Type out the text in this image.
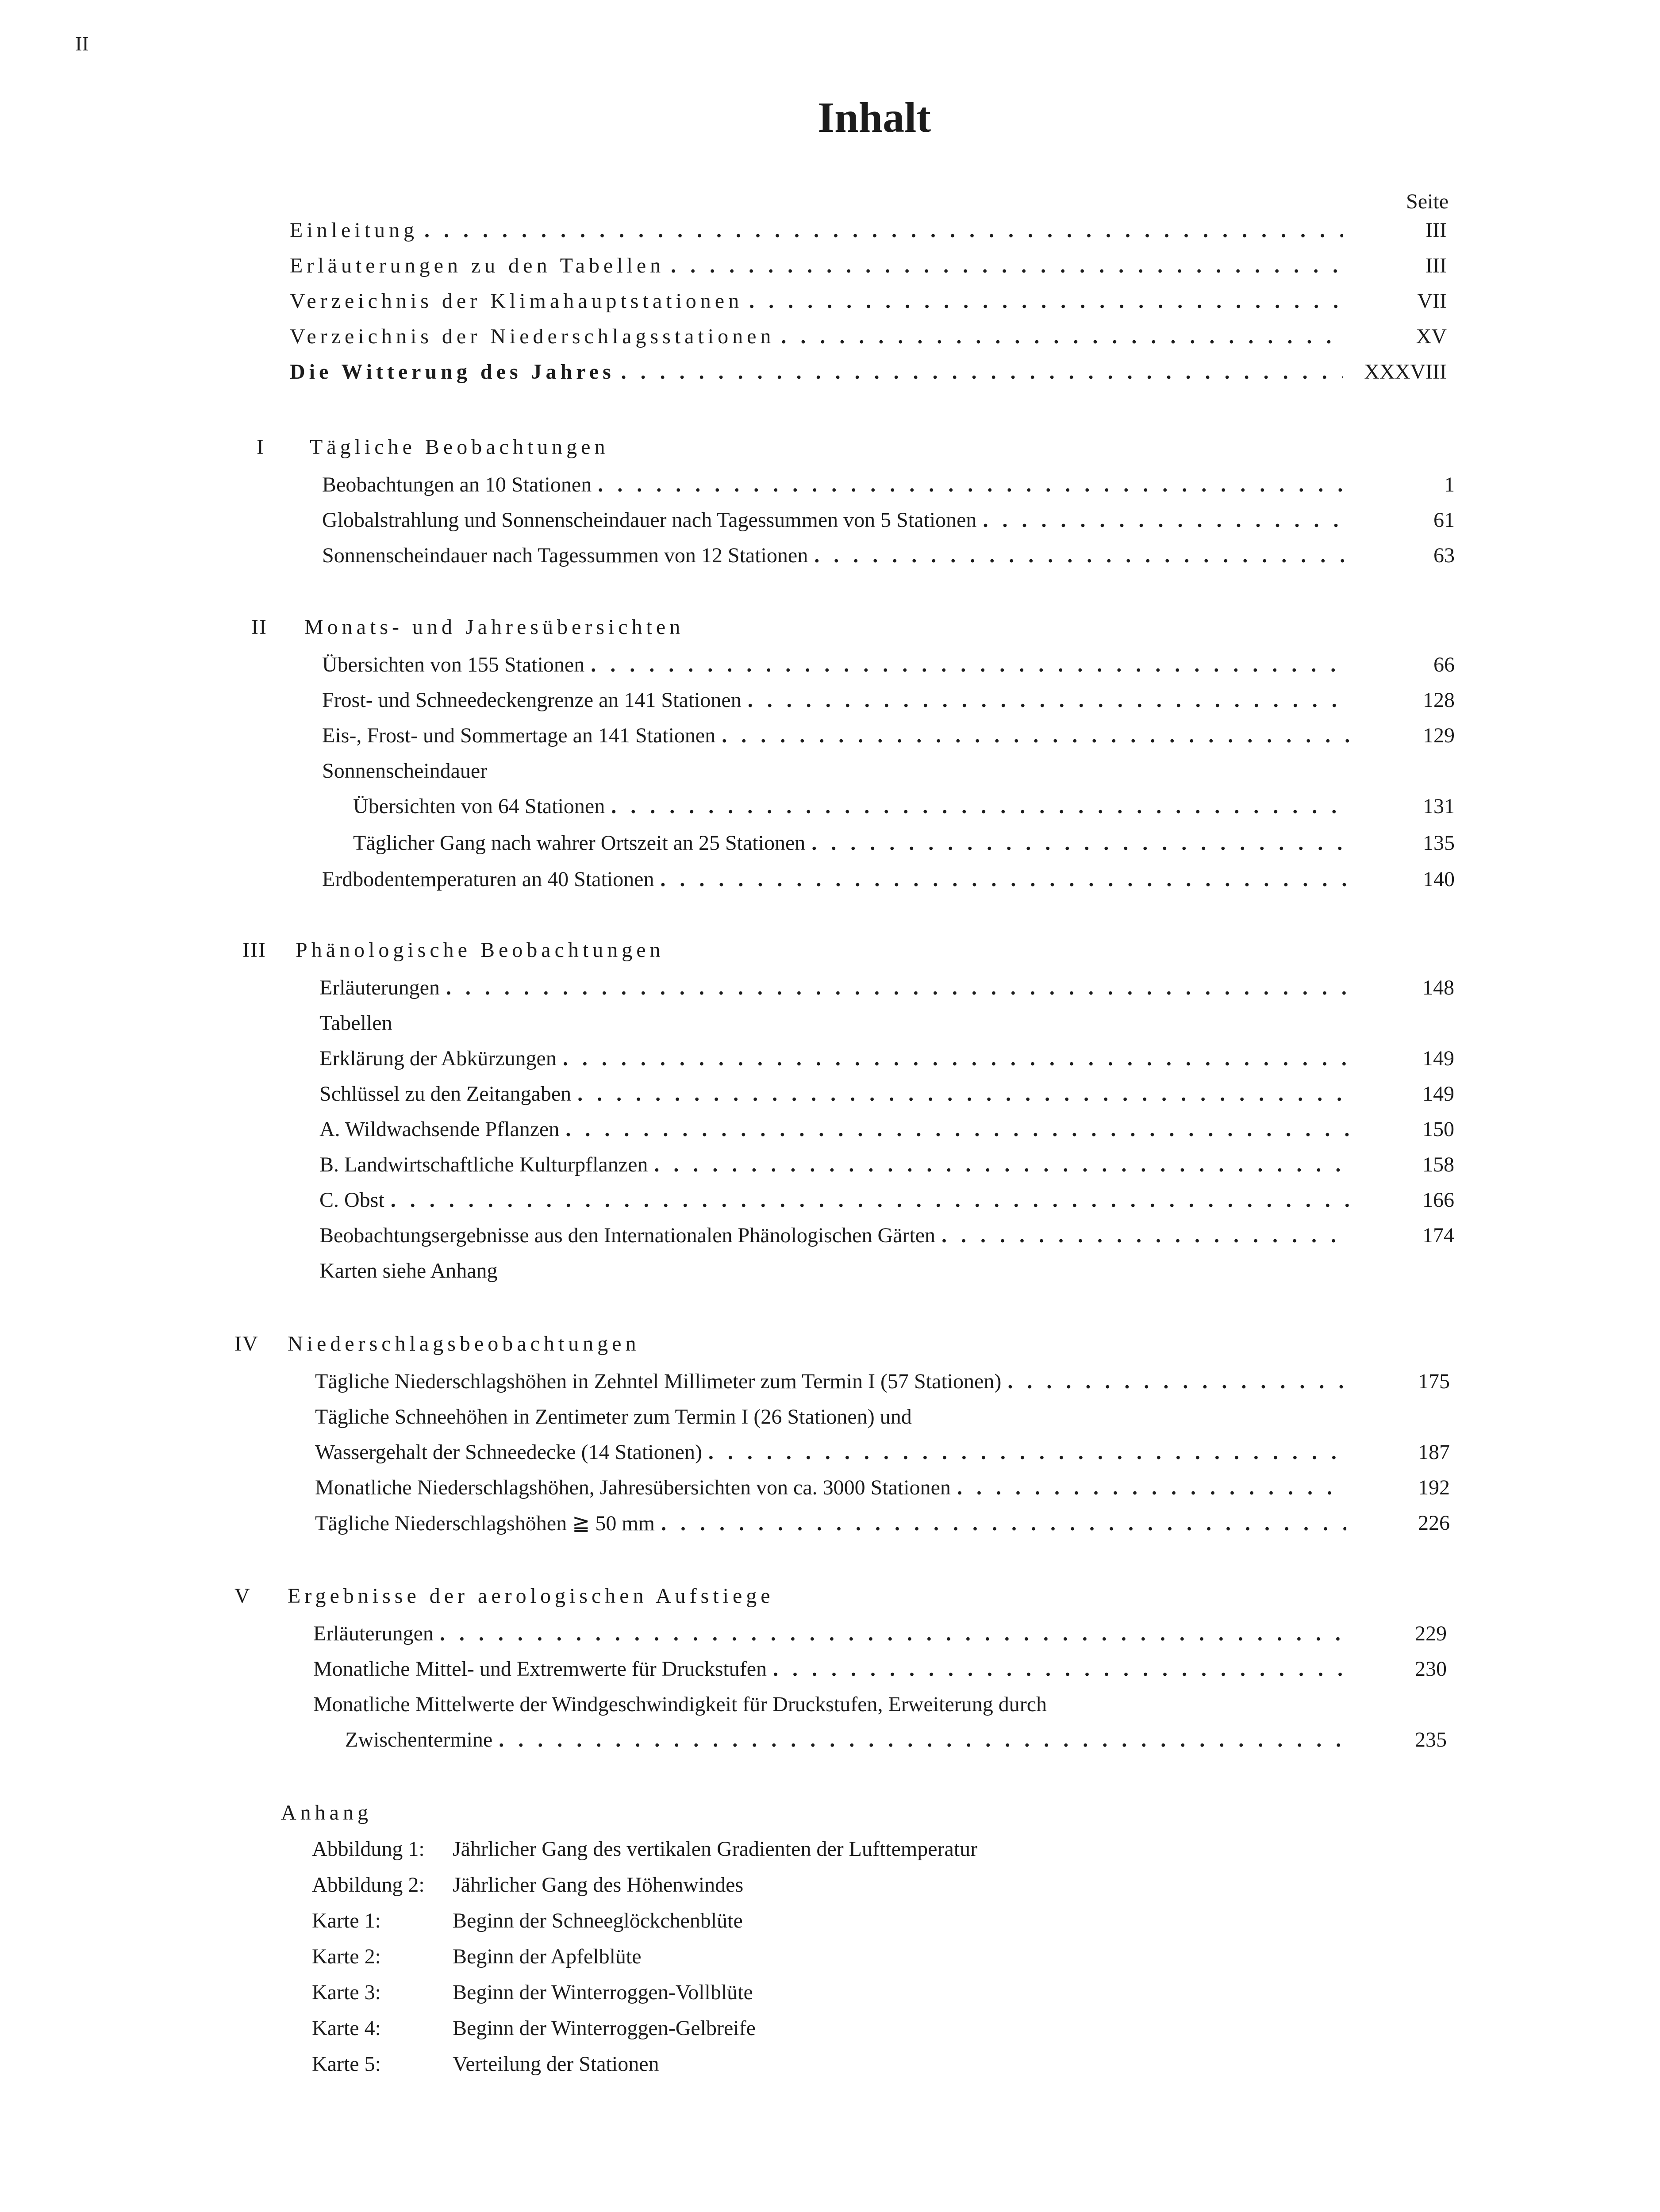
II
Inhalt
Seite
Einleitung . . .	III
Erläuterungen zu den Tabellen . . .	III
Verzeichnis der Klimahauptstationen . . .	VII
Verzeichnis der Niederschlagsstationen . . .	XV
Die Witterung des Jahres . . .	XXXVIII
I Tägliche Beobachtungen
Beobachtungen an 10 Stationen . . .	1
Globalstrahlung und Sonnenscheindauer nach Tagessummen von 5 Stationen . . .	61
Sonnenscheindauer nach Tagessummen von 12 Stationen . . .	63
II Monats- und Jahresübersichten
Übersichten von 155 Stationen . . .	66
Frost- und Schneedeckengrenze an 141 Stationen . . .	128
Eis-, Frost- und Sommertage an 141 Stationen . . .	129
Sonnenscheindauer
Übersichten von 64 Stationen . . .	131
Täglicher Gang nach wahrer Ortszeit an 25 Stationen . . .	135
Erdbodentemperaturen an 40 Stationen . . .	140
III Phänologische Beobachtungen
Erläuterungen . . .	148
Tabellen
Erklärung der Abkürzungen . . .	149
Schlüssel zu den Zeitangaben . . .	149
A. Wildwachsende Pflanzen . . .	150
B. Landwirtschaftliche Kulturpflanzen . . .	158
C. Obst . . .	166
Beobachtungsergebnisse aus den Internationalen Phänologischen Gärten . . .	174
Karten siehe Anhang
IV Niederschlagsbeobachtungen
Tägliche Niederschlagshöhen in Zehntel Millimeter zum Termin I (57 Stationen) . . .	175
Tägliche Schneehöhen in Zentimeter zum Termin I (26 Stationen) und
Wassergehalt der Schneedecke (14 Stationen) . . .	187
Monatliche Niederschlagshöhen, Jahresübersichten von ca. 3000 Stationen . . .	192
Tägliche Niederschlagshöhen ≧ 50 mm . . .	226
V Ergebnisse der aerologischen Aufstiege
Erläuterungen . . .	229
Monatliche Mittel- und Extremwerte für Druckstufen . . .	230
Monatliche Mittelwerte der Windgeschwindigkeit für Druckstufen, Erweiterung durch
Zwischentermine . . .	235
Anhang
Abbildung 1: Jährlicher Gang des vertikalen Gradienten der Lufttemperatur
Abbildung 2: Jährlicher Gang des Höhenwindes
Karte 1:	Beginn der Schneeglöckchenblüte
Karte 2:	Beginn der Apfelblüte
Karte 3:	Beginn der Winterroggen-Vollblüte
Karte 4:	Beginn der Winterroggen-Gelbreife
Karte 5:	Verteilung der Stationen
